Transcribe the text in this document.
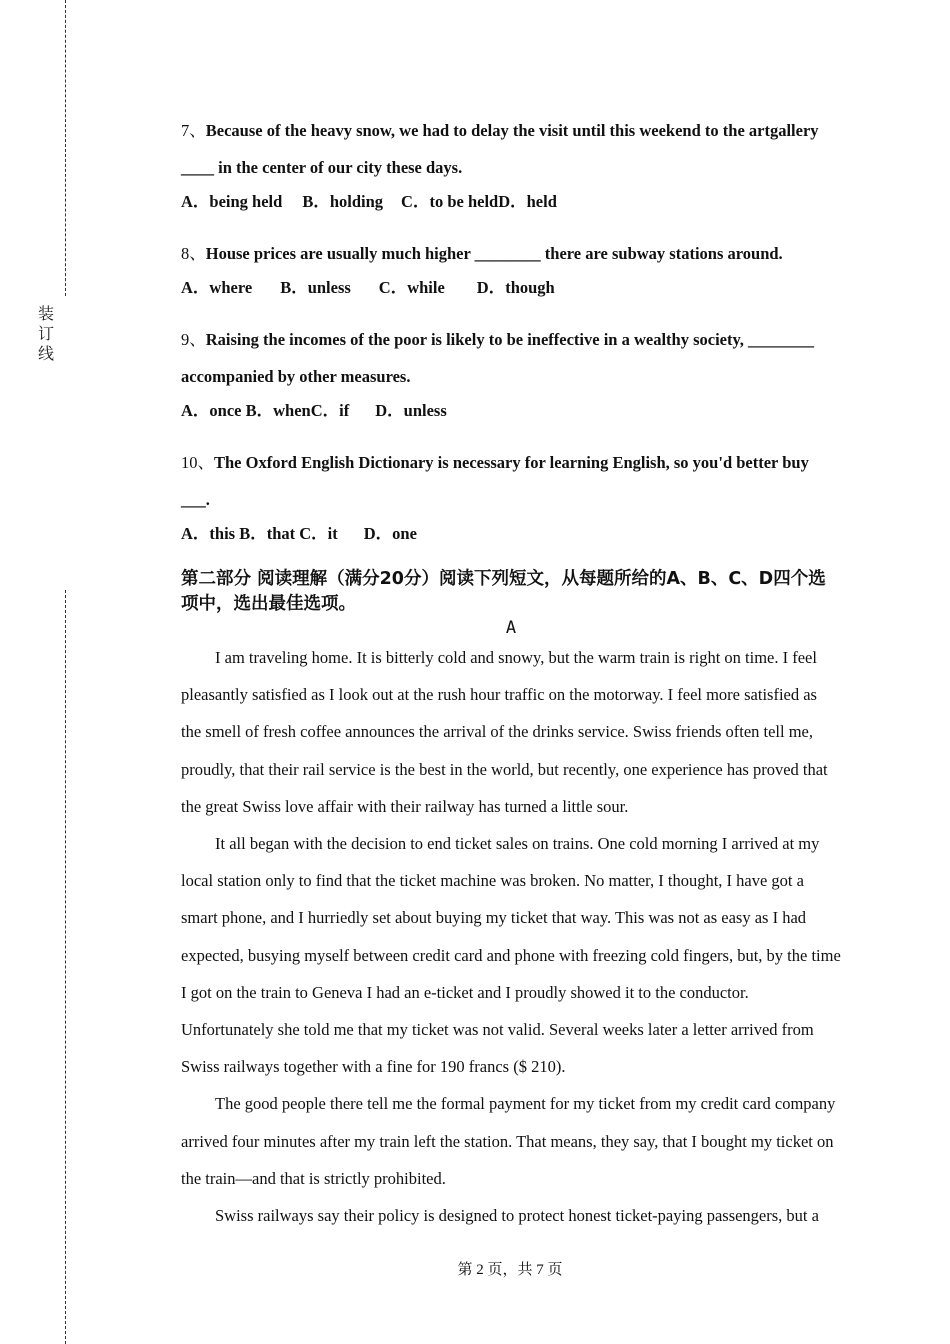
装
订
线

7、Because of the heavy snow, we had to delay the visit until this weekend to the artgallery ____ in the center of our city these days.

A．being held B．holding C．to be heldD．held

8、House prices are usually much higher ________ there are subway stations around.

A．where B．unless C．while D．though

9、Raising the incomes of the poor is likely to be ineffective in a wealthy society, ________ accompanied by other measures.

A．once B．whenC．if D．unless

10、The Oxford English Dictionary is necessary for learning English, so you'd better buy ___.

A．this B．that C．it D．one

第二部分 阅读理解（满分20分）阅读下列短文，从每题所给的A、B、C、D四个选项中，选出最佳选项。

A

I am traveling home. It is bitterly cold and snowy, but the warm train is right on time. I feel pleasantly satisfied as I look out at the rush hour traffic on the motorway. I feel more satisfied as the smell of fresh coffee announces the arrival of the drinks service. Swiss friends often tell me, proudly, that their rail service is the best in the world, but recently, one experience has proved that the great Swiss love affair with their railway has turned a little sour.

It all began with the decision to end ticket sales on trains. One cold morning I arrived at my local station only to find that the ticket machine was broken. No matter, I thought, I have got a smart phone, and I hurriedly set about buying my ticket that way. This was not as easy as I had expected, busying myself between credit card and phone with freezing cold fingers, but, by the time I got on the train to Geneva I had an e-ticket and I proudly showed it to the conductor. Unfortunately she told me that my ticket was not valid. Several weeks later a letter arrived from Swiss railways together with a fine for 190 francs ($ 210).

The good people there tell me the formal payment for my ticket from my credit card company arrived four minutes after my train left the station. That means, they say, that I bought my ticket on the train—and that is strictly prohibited.

Swiss railways say their policy is designed to protect honest ticket-paying passengers, but a

第 2 页，共 7 页
